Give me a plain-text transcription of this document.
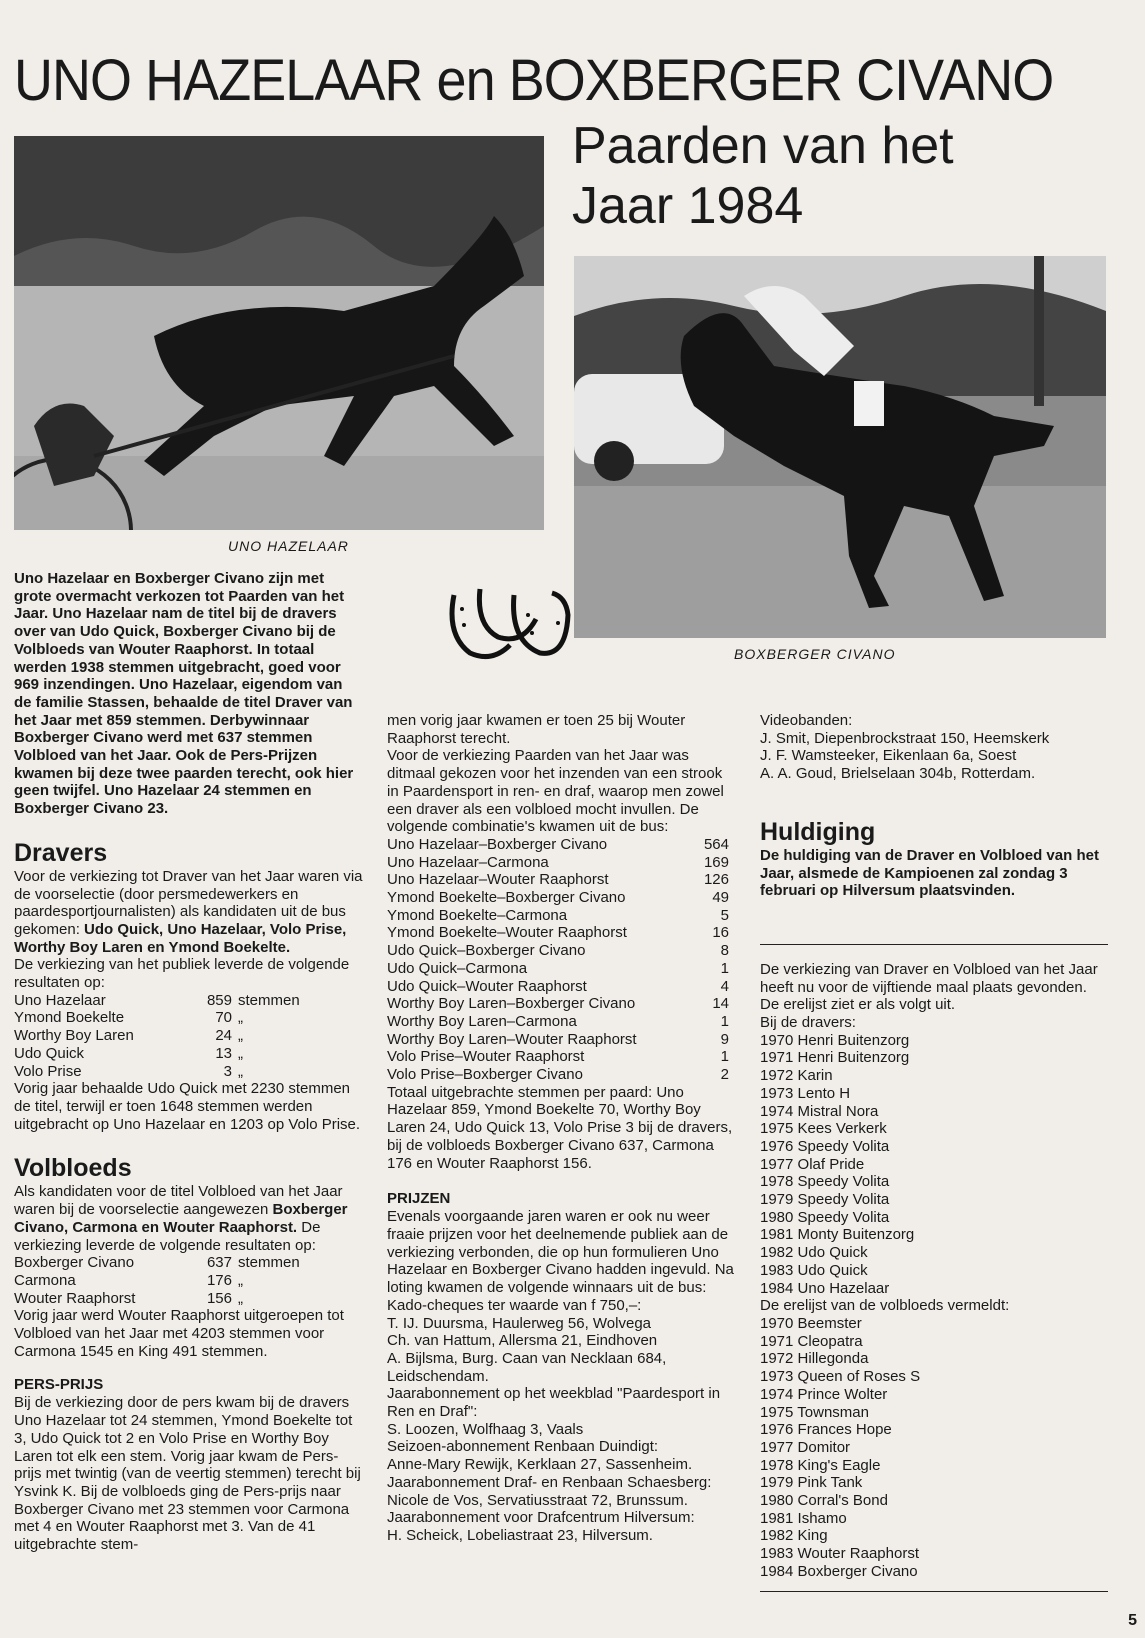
UNO HAZELAAR en BOXBERGER CIVANO
Paarden van het
Jaar 1984
UNO HAZELAAR
BOXBERGER CIVANO

Uno Hazelaar en Boxberger Civano zijn met grote overmacht verkozen tot Paarden van het Jaar. Uno Hazelaar nam de titel bij de dravers over van Udo Quick, Boxberger Civano bij de Volbloeds van Wouter Raaphorst. In totaal werden 1938 stemmen uitgebracht, goed voor 969 inzendingen. Uno Hazelaar, eigendom van de familie Stassen, behaalde de titel Draver van het Jaar met 859 stemmen. Derbywinnaar Boxberger Civano werd met 637 stemmen Volbloed van het Jaar. Ook de Pers-Prijzen kwamen bij deze twee paarden terecht, ook hier geen twijfel. Uno Hazelaar 24 stemmen en Boxberger Civano 23.

Dravers

Voor de verkiezing tot Draver van het Jaar waren via de voorselectie (door persmedewerkers en paardesportjournalisten) als kandidaten uit de bus gekomen: Udo Quick, Uno Hazelaar, Volo Prise, Worthy Boy Laren en Ymond Boekelte.

De verkiezing van het publiek leverde de volgende resultaten op:

Uno Hazelaar	859 stemmen
Ymond Boekelte	70 „
Worthy Boy Laren	24 „
Udo Quick	13 „
Volo Prise	3 „

Vorig jaar behaalde Udo Quick met 2230 stemmen de titel, terwijl er toen 1648 stemmen werden uitgebracht op Uno Hazelaar en 1203 op Volo Prise.

Volbloeds

Als kandidaten voor de titel Volbloed van het Jaar waren bij de voorselectie aangewezen Boxberger Civano, Carmona en Wouter Raaphorst. De verkiezing leverde de volgende resultaten op:

Boxberger Civano	637 stemmen
Carmona	176 „
Wouter Raaphorst	156 „

Vorig jaar werd Wouter Raaphorst uitgeroepen tot Volbloed van het Jaar met 4203 stemmen voor Carmona 1545 en King 491 stemmen.

PERS-PRIJS

Bij de verkiezing door de pers kwam bij de dravers Uno Hazelaar tot 24 stemmen, Ymond Boekelte tot 3, Udo Quick tot 2 en Volo Prise en Worthy Boy Laren tot elk een stem. Vorig jaar kwam de Pers-prijs met twintig (van de veertig stemmen) terecht bij Ysvink K. Bij de volbloeds ging de Pers-prijs naar Boxberger Civano met 23 stemmen voor Carmona met 4 en Wouter Raaphorst met 3. Van de 41 uitgebrachte stem-

men vorig jaar kwamen er toen 25 bij Wouter Raaphorst terecht.

Voor de verkiezing Paarden van het Jaar was ditmaal gekozen voor het inzenden van een strook in Paardensport in ren- en draf, waarop men zowel een draver als een volbloed mocht invullen. De volgende combinatie's kwamen uit de bus:

Uno Hazelaar–Boxberger Civano	564
Uno Hazelaar–Carmona	169
Uno Hazelaar–Wouter Raaphorst	126
Ymond Boekelte–Boxberger Civano	49
Ymond Boekelte–Carmona	5
Ymond Boekelte–Wouter Raaphorst	16
Udo Quick–Boxberger Civano	8
Udo Quick–Carmona	1
Udo Quick–Wouter Raaphorst	4
Worthy Boy Laren–Boxberger Civano	14
Worthy Boy Laren–Carmona	1
Worthy Boy Laren–Wouter Raaphorst	9
Volo Prise–Wouter Raaphorst	1
Volo Prise–Boxberger Civano	2

Totaal uitgebrachte stemmen per paard: Uno Hazelaar 859, Ymond Boekelte 70, Worthy Boy Laren 24, Udo Quick 13, Volo Prise 3 bij de dravers, bij de volbloeds Boxberger Civano 637, Carmona 176 en Wouter Raaphorst 156.

PRIJZEN

Evenals voorgaande jaren waren er ook nu weer fraaie prijzen voor het deelnemende publiek aan de verkiezing verbonden, die op hun formulieren Uno Hazelaar en Boxberger Civano hadden ingevuld. Na loting kwamen de volgende winnaars uit de bus:

Kado-cheques ter waarde van f 750,–:

T. IJ. Duursma, Haulerweg 56, Wolvega

Ch. van Hattum, Allersma 21, Eindhoven

A. Bijlsma, Burg. Caan van Necklaan 684, Leidschendam.

Jaarabonnement op het weekblad "Paardesport in Ren en Draf":

S. Loozen, Wolfhaag 3, Vaals

Seizoen-abonnement Renbaan Duindigt:

Anne-Mary Rewijk, Kerklaan 27, Sassenheim.

Jaarabonnement Draf- en Renbaan Schaesberg:

Nicole de Vos, Servatiusstraat 72, Brunssum.

Jaarabonnement voor Drafcentrum Hilversum:

H. Scheick, Lobeliastraat 23, Hilversum.

Videobanden:

J. Smit, Diepenbrockstraat 150, Heemskerk

J. F. Wamsteeker, Eikenlaan 6a, Soest

A. A. Goud, Brielselaan 304b, Rotterdam.

Huldiging

De huldiging van de Draver en Volbloed van het Jaar, alsmede de Kampioenen zal zondag 3 februari op Hilversum plaatsvinden.

De verkiezing van Draver en Volbloed van het Jaar heeft nu voor de vijftiende maal plaats gevonden. De erelijst ziet er als volgt uit.

Bij de dravers:

1970 Henri Buitenzorg

1971 Henri Buitenzorg

1972 Karin

1973 Lento H

1974 Mistral Nora

1975 Kees Verkerk

1976 Speedy Volita

1977 Olaf Pride

1978 Speedy Volita

1979 Speedy Volita

1980 Speedy Volita

1981 Monty Buitenzorg

1982 Udo Quick

1983 Udo Quick

1984 Uno Hazelaar

De erelijst van de volbloeds vermeldt:

1970 Beemster

1971 Cleopatra

1972 Hillegonda

1973 Queen of Roses S

1974 Prince Wolter

1975 Townsman

1976 Frances Hope

1977 Domitor

1978 King's Eagle

1979 Pink Tank

1980 Corral's Bond

1981 Ishamo

1982 King

1983 Wouter Raaphorst

1984 Boxberger Civano

5
